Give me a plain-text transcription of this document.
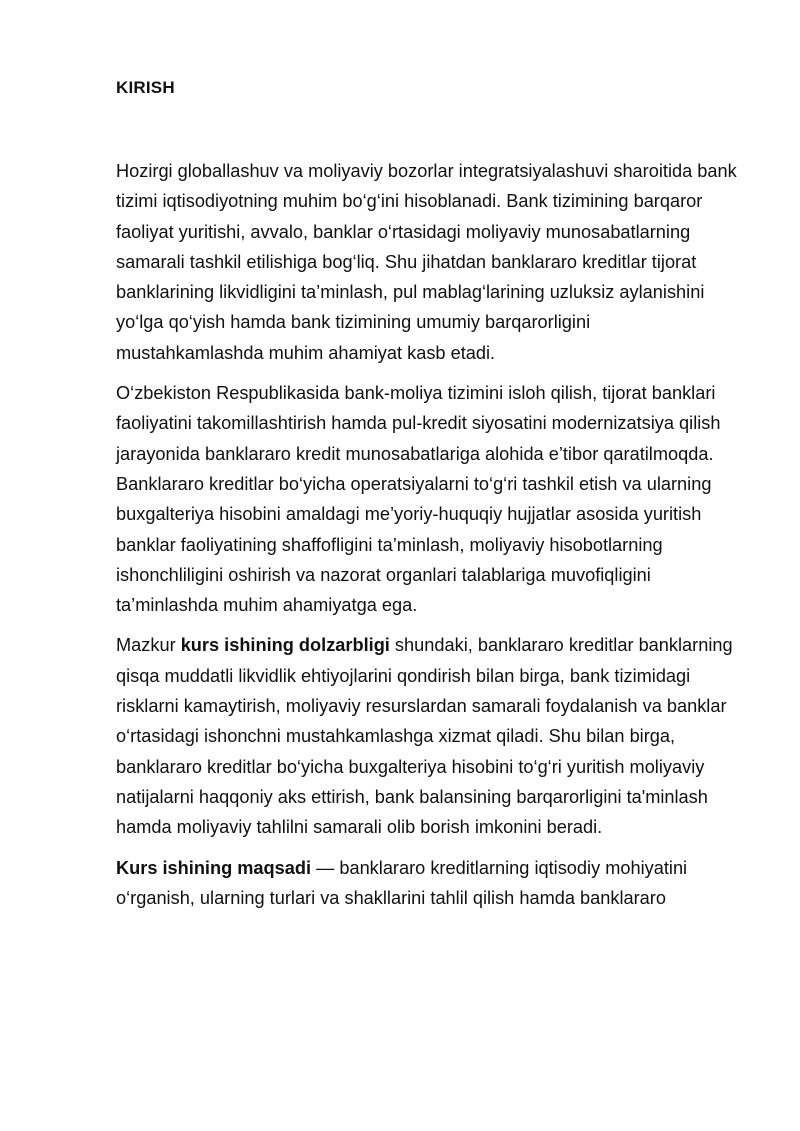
KIRISH

Hozirgi globallashuv va moliyaviy bozorlar integratsiyalashuvi sharoitida bank tizimi iqtisodiyotning muhim bo‘g‘ini hisoblanadi. Bank tizimining barqaror faoliyat yuritishi, avvalo, banklar o‘rtasidagi moliyaviy munosabatlarning samarali tashkil etilishiga bog‘liq. Shu jihatdan banklararo kreditlar tijorat banklarining likvidligini ta’minlash, pul mablag‘larining uzluksiz aylanishini yo‘lga qo‘yish hamda bank tizimining umumiy barqarorligini mustahkamlashda muhim ahamiyat kasb etadi.

O‘zbekiston Respublikasida bank-moliya tizimini isloh qilish, tijorat banklari faoliyatini takomillashtirish hamda pul-kredit siyosatini modernizatsiya qilish jarayonida banklararo kredit munosabatlariga alohida e’tibor qaratilmoqda. Banklararo kreditlar bo‘yicha operatsiyalarni to‘g‘ri tashkil etish va ularning buxgalteriya hisobini amaldagi me’yoriy-huquqiy hujjatlar asosida yuritish banklar faoliyatining shaffofligini ta’minlash, moliyaviy hisobotlarning ishonchliligini oshirish va nazorat organlari talablariga muvofiqligini ta’minlashda muhim ahamiyatga ega.

Mazkur kurs ishining dolzarbligi shundaki, banklararo kreditlar banklarning qisqa muddatli likvidlik ehtiyojlarini qondirish bilan birga, bank tizimidagi risklarni kamaytirish, moliyaviy resurslardan samarali foydalanish va banklar o‘rtasidagi ishonchni mustahkamlashga xizmat qiladi. Shu bilan birga, banklararo kreditlar bo‘yicha buxgalteriya hisobini to‘g‘ri yuritish moliyaviy natijalarni haqqoniy aks ettirish, bank balansining barqarorligini ta'minlash hamda moliyaviy tahlilni samarali olib borish imkonini beradi.

Kurs ishining maqsadi — banklararo kreditlarning iqtisodiy mohiyatini o‘rganish, ularning turlari va shakllarini tahlil qilish hamda banklararo
